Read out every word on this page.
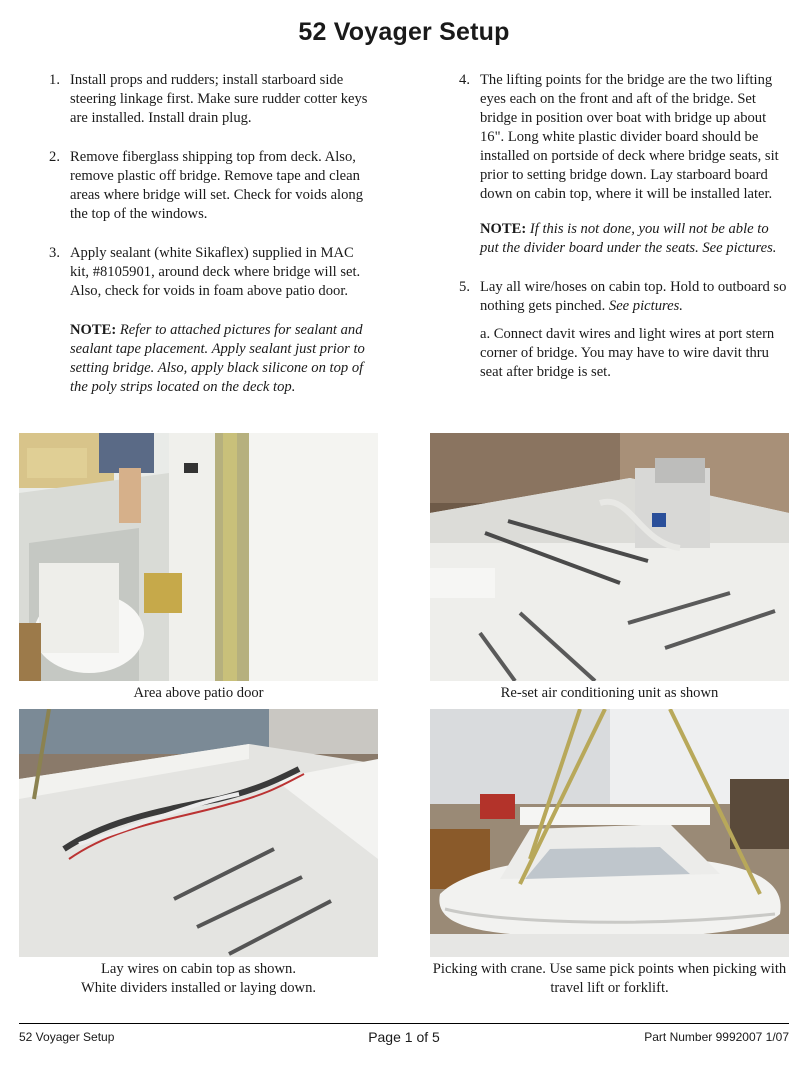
52 Voyager Setup
1. Install props and rudders; install starboard side steering linkage first. Make sure rudder cotter keys are installed. Install drain plug.
2. Remove fiberglass shipping top from deck. Also, remove plastic off bridge. Remove tape and clean areas where bridge will set. Check for voids along the top of the windows.
3. Apply sealant (white Sikaflex) supplied in MAC kit, #8105901, around deck where bridge will set. Also, check for voids in foam above patio door.
NOTE: Refer to attached pictures for sealant and sealant tape placement. Apply sealant just prior to setting bridge. Also, apply black silicone on top of the poly strips located on the deck top.
4. The lifting points for the bridge are the two lifting eyes each on the front and aft of the bridge. Set bridge in position over boat with bridge up about 16". Long white plastic divider board should be installed on portside of deck where bridge seats, sit prior to setting bridge down. Lay starboard board down on cabin top, where it will be installed later.
NOTE: If this is not done, you will not be able to put the divider board under the seats. See pictures.
5. Lay all wire/hoses on cabin top. Hold to outboard so nothing gets pinched. See pictures.
a. Connect davit wires and light wires at port stern corner of bridge. You may have to wire davit thru seat after bridge is set.
Area above patio door	Re-set air conditioning unit as shown
Lay wires on cabin top as shown.
White dividers installed or laying down.
Picking with crane. Use same pick points when picking with travel lift or forklift.
52 Voyager Setup	Page 1 of 5	Part Number 9992007 1/07
